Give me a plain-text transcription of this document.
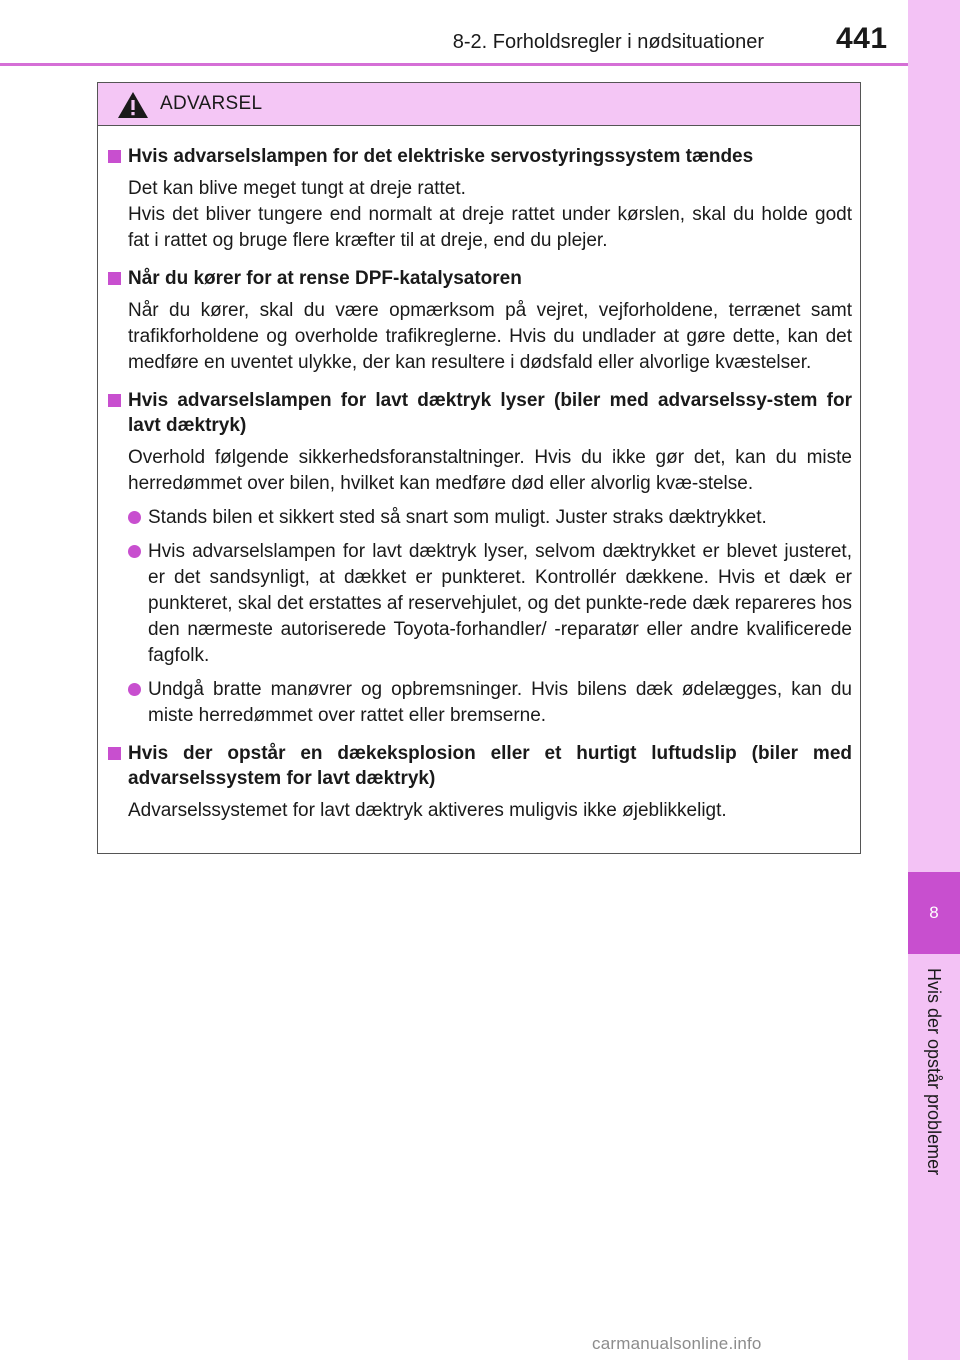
8-2. Forholdsregler i nødsituationer 441
8
Hvis der opstår problemer
ADVARSEL
Hvis advarselslampen for det elektriske servostyringssystem tændes
Det kan blive meget tungt at dreje rattet.
Hvis det bliver tungere end normalt at dreje rattet under kørslen, skal du holde godt fat i rattet og bruge flere kræfter til at dreje, end du plejer.
Når du kører for at rense DPF-katalysatoren
Når du kører, skal du være opmærksom på vejret, vejforholdene, terrænet samt trafikforholdene og overholde trafikreglerne. Hvis du undlader at gøre dette, kan det medføre en uventet ulykke, der kan resultere i dødsfald eller alvorlige kvæstelser.
Hvis advarselslampen for lavt dæktryk lyser (biler med advarselssy-stem for lavt dæktryk)
Overhold følgende sikkerhedsforanstaltninger. Hvis du ikke gør det, kan du miste herredømmet over bilen, hvilket kan medføre død eller alvorlig kvæ-stelse.
Stands bilen et sikkert sted så snart som muligt. Juster straks dæktrykket.
Hvis advarselslampen for lavt dæktryk lyser, selvom dæktrykket er blevet justeret, er det sandsynligt, at dækket er punkteret. Kontrollér dækkene. Hvis et dæk er punkteret, skal det erstattes af reservehjulet, og det punkte-rede dæk repareres hos den nærmeste autoriserede Toyota-forhandler/ -reparatør eller andre kvalificerede fagfolk.
Undgå bratte manøvrer og opbremsninger. Hvis bilens dæk ødelægges, kan du miste herredømmet over rattet eller bremserne.
Hvis der opstår en dækeksplosion eller et hurtigt luftudslip (biler med advarselssystem for lavt dæktryk)
Advarselssystemet for lavt dæktryk aktiveres muligvis ikke øjeblikkeligt.
carmanualsonline.info
